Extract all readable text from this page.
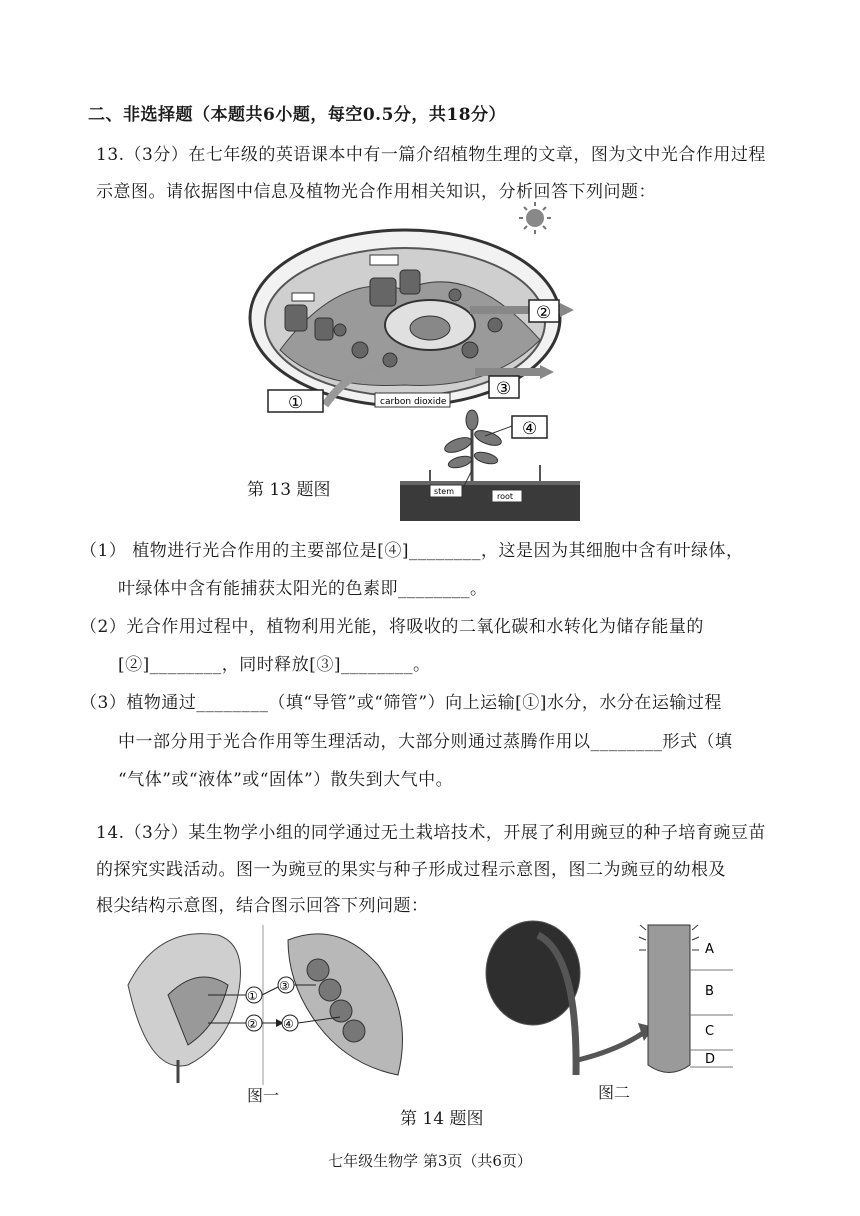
二、非选择题（本题共6小题，每空0.5分，共18分）
13.（3分）在七年级的英语课本中有一篇介绍植物生理的文章，图为文中光合作用过程
示意图。请依据图中信息及植物光合作用相关知识，分析回答下列问题：
①
②
③
④
carbon dioxide
stem
root
第 13 题图
（1） 植物进行光合作用的主要部位是[④]________，这是因为其细胞中含有叶绿体，
叶绿体中含有能捕获太阳光的色素即________。
（2）光合作用过程中，植物利用光能，将吸收的二氧化碳和水转化为储存能量的
[②]________，同时释放[③]________。
（3）植物通过________（填“导管”或“筛管”）向上运输[①]水分，水分在运输过程
中一部分用于光合作用等生理活动，大部分则通过蒸腾作用以________形式（填
“气体”或“液体”或“固体”）散失到大气中。
14.（3分）某生物学小组的同学通过无土栽培技术，开展了利用豌豆的种子培育豌豆苗
的探究实践活动。图一为豌豆的果实与种子形成过程示意图，图二为豌豆的幼根及
根尖结构示意图，结合图示回答下列问题：
①
③
② ④
图一
A
B
C
D
图二
第 14 题图
七年级生物学 第3页（共6页）
